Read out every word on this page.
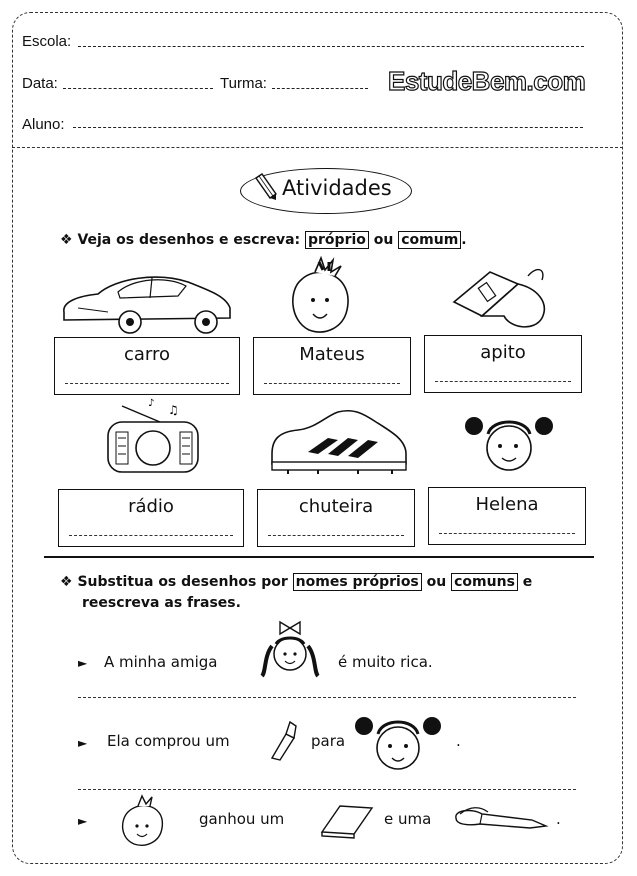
Escola:
Data:	Turma:	EstudeBem.com
Aluno:
Atividades
❖ Veja os desenhos e escreva: próprio ou comum .
carro	Mateus	apito
♫
♪
rádio	chuteira	Helena
❖ Substitua os desenhos por nomes próprios ou comuns e
reescreva as frases.
► A minha amiga	é muito rica.
► Ela comprou um	para	.
►	ganhou um	e uma	.
